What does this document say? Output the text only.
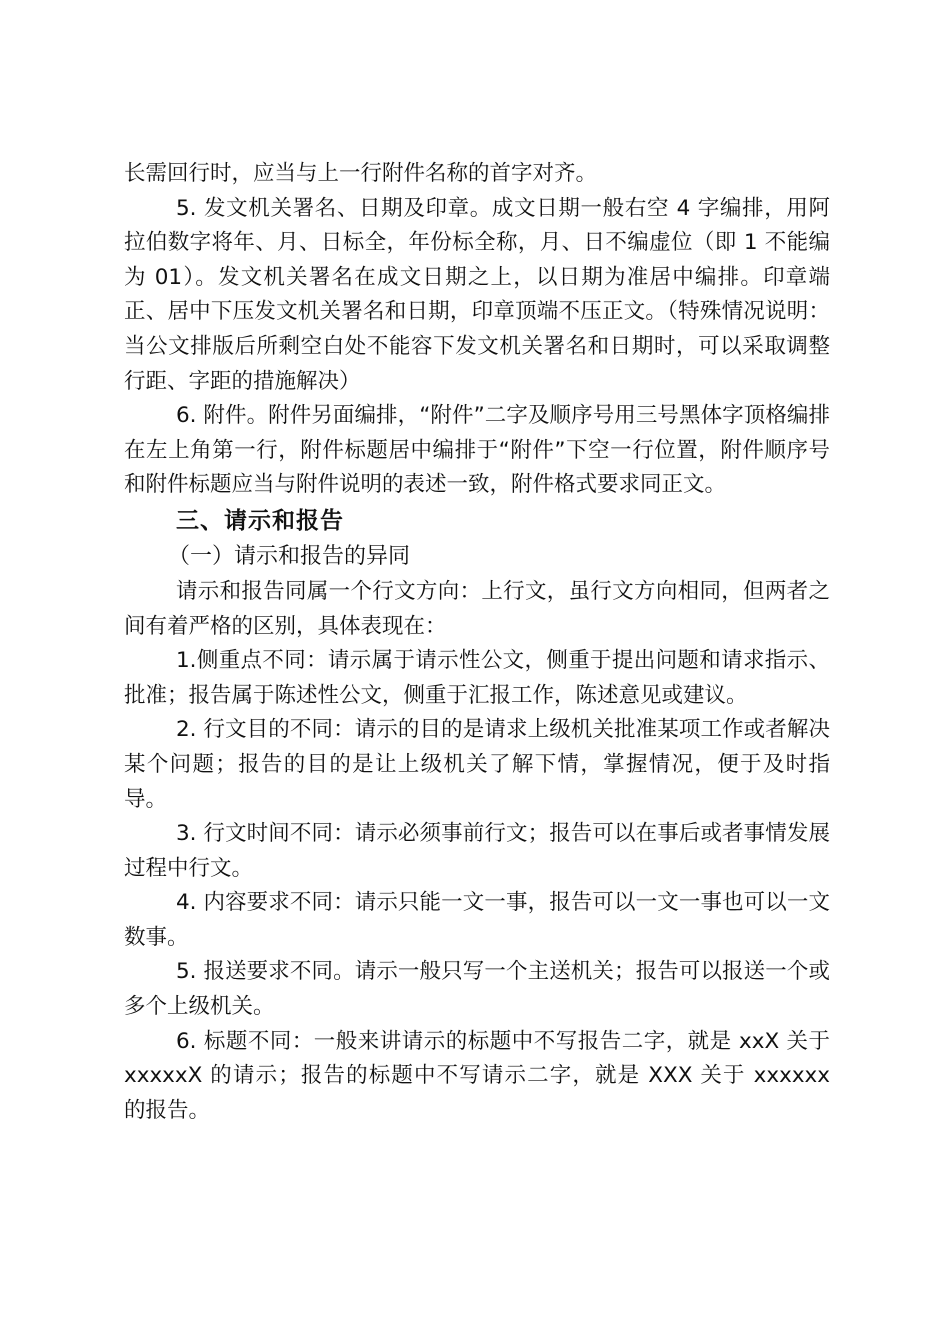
长需回行时，应当与上一行附件名称的首字对齐。

5. 发文机关署名、日期及印章。成文日期一般右空 4 字编排，用阿拉伯数字将年、月、日标全，年份标全称，月、日不编虚位（即 1 不能编为 01）。发文机关署名在成文日期之上，以日期为准居中编排。印章端正、居中下压发文机关署名和日期，印章顶端不压正文。（特殊情况说明：当公文排版后所剩空白处不能容下发文机关署名和日期时，可以采取调整行距、字距的措施解决）

6. 附件。附件另面编排，“附件”二字及顺序号用三号黑体字顶格编排在左上角第一行，附件标题居中编排于“附件”下空一行位置，附件顺序号和附件标题应当与附件说明的表述一致，附件格式要求同正文。

三、请示和报告

（一）请示和报告的异同

请示和报告同属一个行文方向：上行文，虽行文方向相同，但两者之间有着严格的区别，具体表现在：

1.侧重点不同：请示属于请示性公文，侧重于提出问题和请求指示、批准；报告属于陈述性公文，侧重于汇报工作，陈述意见或建议。

2. 行文目的不同：请示的目的是请求上级机关批准某项工作或者解决某个问题；报告的目的是让上级机关了解下情，掌握情况，便于及时指导。

3. 行文时间不同：请示必须事前行文；报告可以在事后或者事情发展过程中行文。

4. 内容要求不同：请示只能一文一事，报告可以一文一事也可以一文数事。

5. 报送要求不同。请示一般只写一个主送机关；报告可以报送一个或多个上级机关。

6. 标题不同：一般来讲请示的标题中不写报告二字，就是 xxX 关于 xxxxxX 的请示；报告的标题中不写请示二字，就是 XXX 关于 xxxxxx 的报告。
